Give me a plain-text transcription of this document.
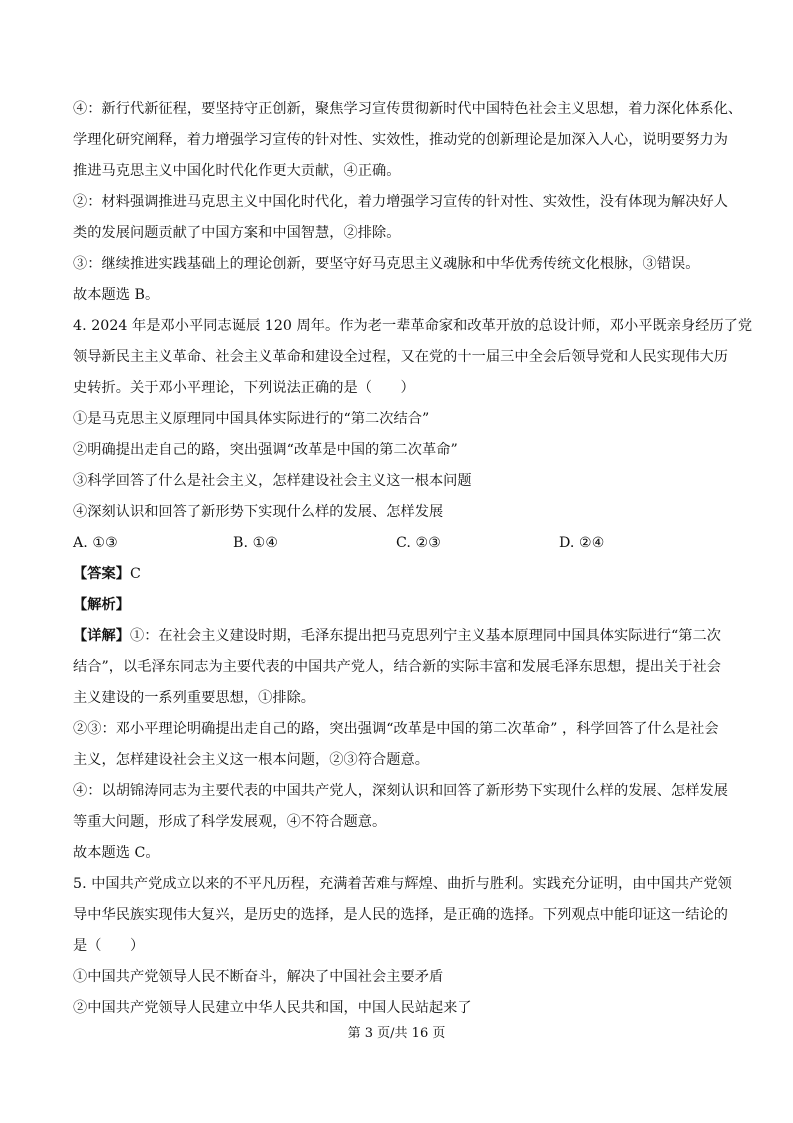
④：新行代新征程，要坚持守正创新，聚焦学习宣传贯彻新时代中国特色社会主义思想，着力深化体系化、
学理化研究阐释，着力增强学习宣传的针对性、实效性，推动党的创新理论是加深入人心，说明要努力为
推进马克思主义中国化时代化作更大贡献，④正确。
②：材料强调推进马克思主义中国化时代化，着力增强学习宣传的针对性、实效性，没有体现为解决好人
类的发展问题贡献了中国方案和中国智慧，②排除。
③：继续推进实践基础上的理论创新，要坚守好马克思主义魂脉和中华优秀传统文化根脉，③错误。
故本题选 B。
4. 2024 年是邓小平同志诞辰 120 周年。作为老一辈革命家和改革开放的总设计师，邓小平既亲身经历了党
领导新民主主义革命、社会主义革命和建设全过程，又在党的十一届三中全会后领导党和人民实现伟大历
史转折。关于邓小平理论，下列说法正确的是（　　）
①是马克思主义原理同中国具体实际进行的“第二次结合”
②明确提出走自己的路，突出强调“改革是中国的第二次革命”
③科学回答了什么是社会主义，怎样建设社会主义这一根本问题
④深刻认识和回答了新形势下实现什么样的发展、怎样发展
A. ①③	B. ①④	C. ②③	D. ②④
【答案】C
【解析】
【详解】①：在社会主义建设时期，毛泽东提出把马克思列宁主义基本原理同中国具体实际进行“第二次
结合”，以毛泽东同志为主要代表的中国共产党人，结合新的实际丰富和发展毛泽东思想，提出关于社会
主义建设的一系列重要思想，①排除。
②③：邓小平理论明确提出走自己的路，突出强调“改革是中国的第二次革命” ，科学回答了什么是社会
主义，怎样建设社会主义这一根本问题，②③符合题意。
④：以胡锦涛同志为主要代表的中国共产党人，深刻认识和回答了新形势下实现什么样的发展、怎样发展
等重大问题，形成了科学发展观，④不符合题意。
故本题选 C。
5. 中国共产党成立以来的不平凡历程，充满着苦难与辉煌、曲折与胜利。实践充分证明，由中国共产党领
导中华民族实现伟大复兴，是历史的选择，是人民的选择，是正确的选择。下列观点中能印证这一结论的
是（　　）
①中国共产党领导人民不断奋斗，解决了中国社会主要矛盾
②中国共产党领导人民建立中华人民共和国，中国人民站起来了
第 3 页/共 16 页
